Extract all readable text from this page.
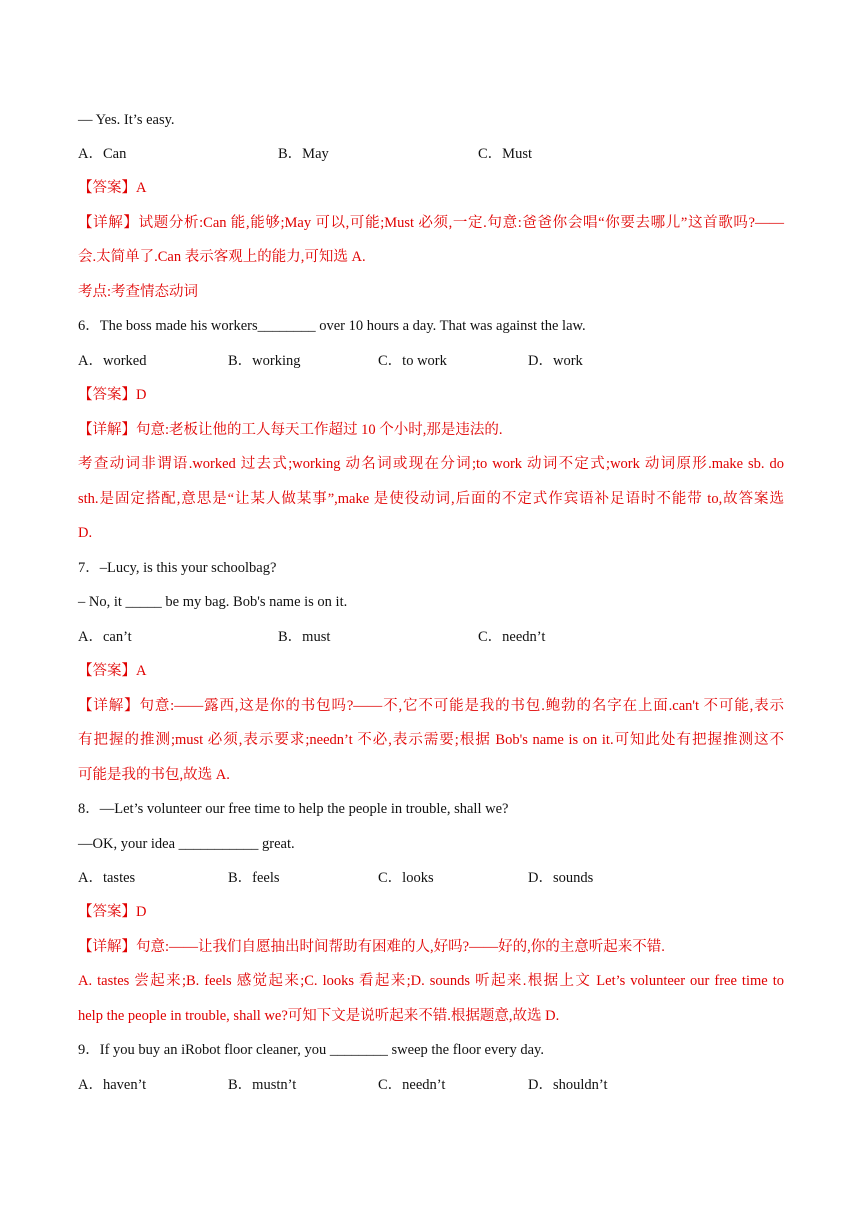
— Yes. It’s easy.
A．Can	B．May	C．Must
【答案】A
【详解】试题分析:Can 能,能够;May 可以,可能;Must 必须,一定.句意:爸爸你会唱“你要去哪儿”这首歌吗?——
会.太简单了.Can 表示客观上的能力,可知选 A.
考点:考查情态动词
6．The boss made his workers________ over 10 hours a day. That was against the law.
A．worked	B．working	C．to work	D．work
【答案】D
【详解】句意:老板让他的工人每天工作超过 10 个小时,那是违法的.
考查动词非谓语.worked 过去式;working 动名词或现在分词;to work 动词不定式;work 动词原形.make sb. do
sth.是固定搭配,意思是“让某人做某事”,make 是使役动词,后面的不定式作宾语补足语时不能带 to,故答案选
D.
7．–Lucy, is this your schoolbag?
– No, it _____ be my bag. Bob's name is on it.
A．can’t	B．must	C．needn’t
【答案】A
【详解】句意:——露西,这是你的书包吗?——不,它不可能是我的书包.鲍勃的名字在上面.can't 不可能,表示
有把握的推测;must 必须,表示要求;needn’t 不必,表示需要;根据 Bob's name is on it.可知此处有把握推测这不
可能是我的书包,故选 A.
8．—Let’s volunteer our free time to help the people in trouble, shall we?
—OK, your idea ___________ great.
A．tastes	B．feels	C．looks	D．sounds
【答案】D
【详解】句意:——让我们自愿抽出时间帮助有困难的人,好吗?——好的,你的主意听起来不错.
A. tastes 尝起来;B. feels 感觉起来;C. looks 看起来;D. sounds 听起来.根据上文 Let’s volunteer our free time to
help the people in trouble, shall we?可知下文是说听起来不错.根据题意,故选 D.
9．If you buy an iRobot floor cleaner, you ________ sweep the floor every day.
A．haven’t	B．mustn’t	C．needn’t	D．shouldn’t
